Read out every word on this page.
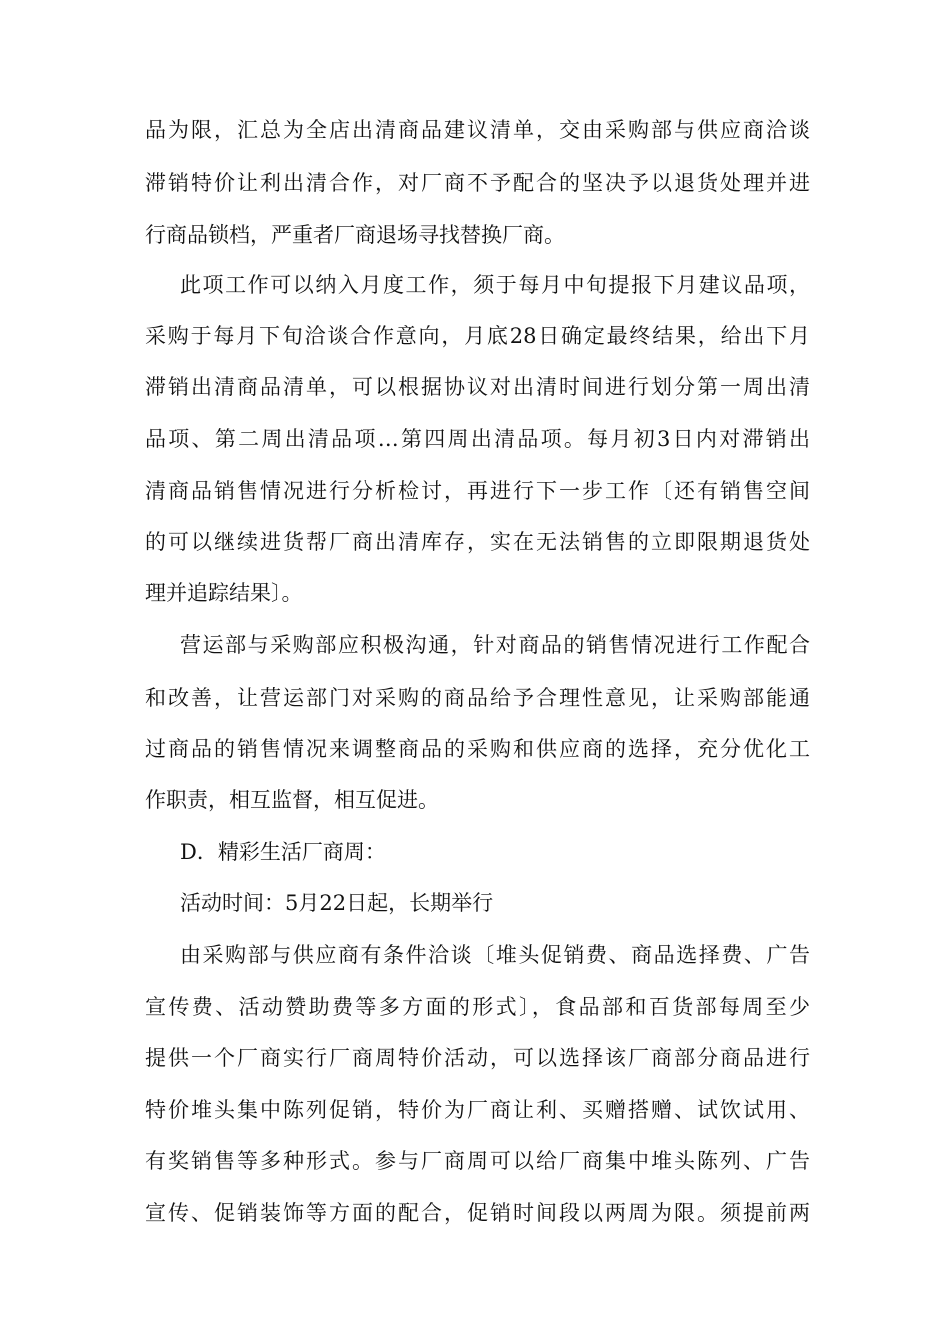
品为限，汇总为全店出清商品建议清单，交由采购部与供应商洽谈
滞销特价让利出清合作，对厂商不予配合的坚决予以退货处理并进
行商品锁档，严重者厂商退场寻找替换厂商。
此项工作可以纳入月度工作，须于每月中旬提报下月建议品项，
采购于每月下旬洽谈合作意向，月底28日确定最终结果，给出下月
滞销出清商品清单，可以根据协议对出清时间进行划分第一周出清
品项、第二周出清品项…第四周出清品项。每月初3日内对滞销出
清商品销售情况进行分析检讨，再进行下一步工作〔还有销售空间
的可以继续进货帮厂商出清库存，实在无法销售的立即限期退货处
理并追踪结果〕。
营运部与采购部应积极沟通，针对商品的销售情况进行工作配合
和改善，让营运部门对采购的商品给予合理性意见，让采购部能通
过商品的销售情况来调整商品的采购和供应商的选择，充分优化工
作职责，相互监督，相互促进。
D．精彩生活厂商周：
活动时间：5月22日起，长期举行
由采购部与供应商有条件洽谈〔堆头促销费、商品选择费、广告
宣传费、活动赞助费等多方面的形式〕，食品部和百货部每周至少
提供一个厂商实行厂商周特价活动，可以选择该厂商部分商品进行
特价堆头集中陈列促销，特价为厂商让利、买赠搭赠、试饮试用、
有奖销售等多种形式。参与厂商周可以给厂商集中堆头陈列、广告
宣传、促销装饰等方面的配合，促销时间段以两周为限。须提前两
